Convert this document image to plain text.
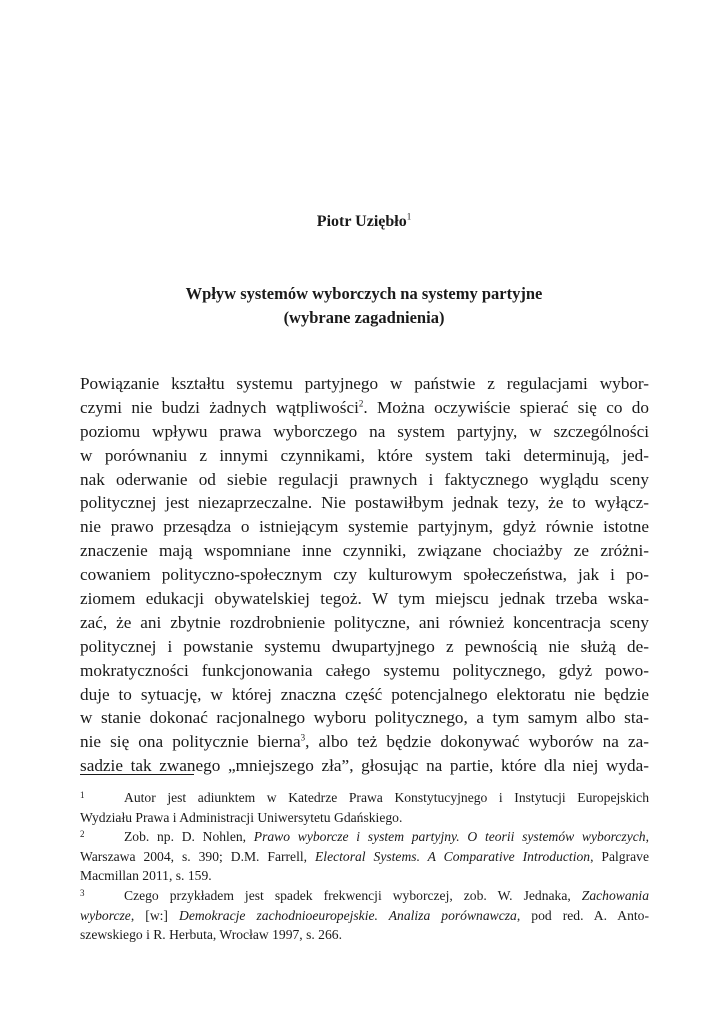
Piotr Uziębło$^1$
Wpływ systemów wyborczych na systemy partyjne
(wybrane zagadnienia)
Powiązanie kształtu systemu partyjnego w państwie z regulacjami wybor-
czymi nie budzi żadnych wątpliwości$^2$. Można oczywiście spierać się co do
poziomu wpływu prawa wyborczego na system partyjny, w szczególności
w porównaniu z innymi czynnikami, które system taki determinują, jed-
nak oderwanie od siebie regulacji prawnych i faktycznego wyglądu sceny
politycznej jest niezaprzeczalne. Nie postawiłbym jednak tezy, że to wyłącz-
nie prawo przesądza o istniejącym systemie partyjnym, gdyż równie istotne
znaczenie mają wspomniane inne czynniki, związane chociażby ze zróżni-
cowaniem polityczno-społecznym czy kulturowym społeczeństwa, jak i po-
ziomem edukacji obywatelskiej tegoż. W tym miejscu jednak trzeba wska-
zać, że ani zbytnie rozdrobnienie polityczne, ani również koncentracja sceny
politycznej i powstanie systemu dwupartyjnego z pewnością nie służą de-
mokratyczności funkcjonowania całego systemu politycznego, gdyż powo-
duje to sytuację, w której znaczna część potencjalnego elektoratu nie będzie
w stanie dokonać racjonalnego wyboru politycznego, a tym samym albo sta-
nie się ona politycznie bierna$^3$, albo też będzie dokonywać wyborów na za-
sadzie tak zwanego „mniejszego zła”, głosując na partie, które dla niej wyda-
1	Autor jest adiunktem w Katedrze Prawa Konstytucyjnego i Instytucji Europejskich
Wydziału Prawa i Administracji Uniwersytetu Gdańskiego.
2	Zob. np. D. Nohlen, Prawo wyborcze i system partyjny. O teorii systemów wyborczych,
Warszawa 2004, s. 390; D.M. Farrell, Electoral Systems. A Comparative Introduction, Palgrave
Macmillan 2011, s. 159.
3	Czego przykładem jest spadek frekwencji wyborczej, zob. W. Jednaka, Zachowania
wyborcze, [w:] Demokracje zachodnioeuropejskie. Analiza porównawcza, pod red. A. Anto-
szewskiego i R. Herbuta, Wrocław 1997, s. 266.
